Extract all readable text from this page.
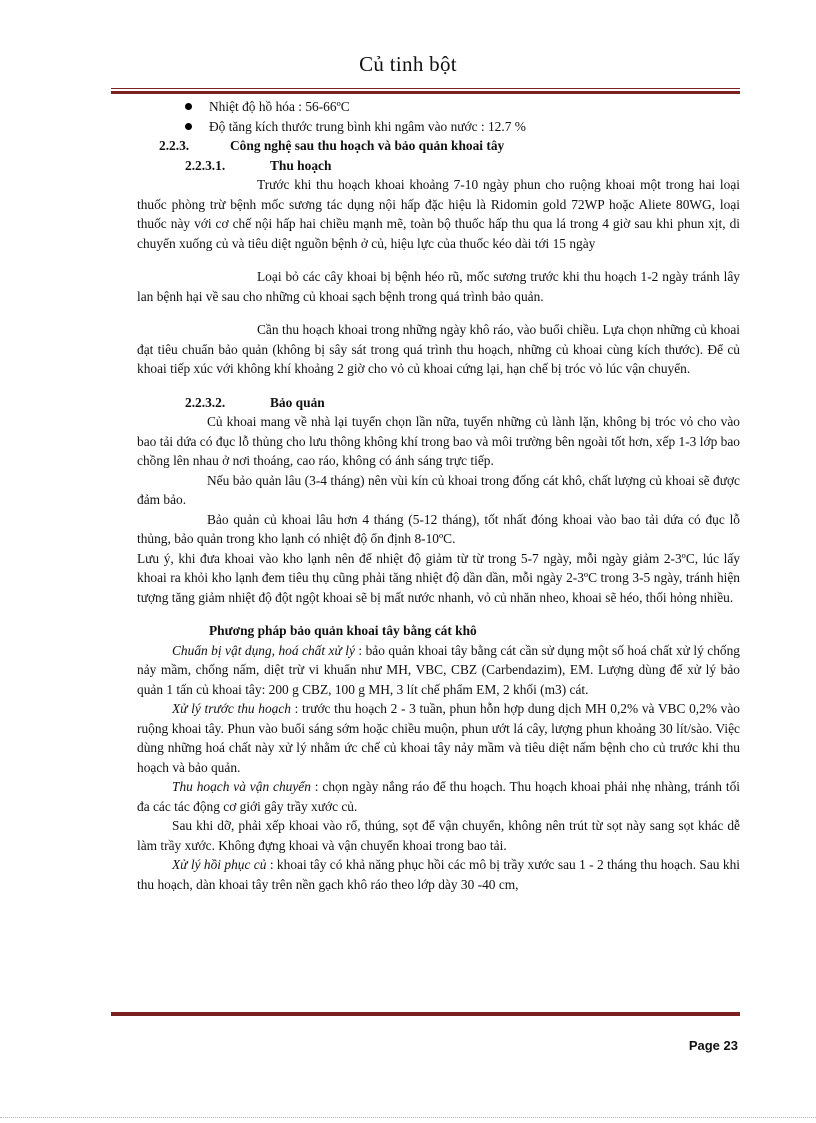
Củ tinh bột
Nhiệt độ hồ hóa : 56-66ºC
Độ tăng kích thước trung bình khi ngâm vào nước : 12.7 %

2.2.3.	Công nghệ sau thu hoạch và bảo quản khoai tây

2.2.3.1.	Thu hoạch

Trước khi thu hoạch khoai khoảng 7-10 ngày phun cho ruộng khoai một trong hai loại thuốc phòng trừ bệnh mốc sương tác dụng nội hấp đặc hiệu là Ridomin gold 72WP hoặc Aliete 80WG, loại thuốc này với cơ chế nội hấp hai chiều mạnh mẽ, toàn bộ thuốc hấp thu qua lá trong 4 giờ sau khi phun xịt, di chuyển xuống củ và tiêu diệt nguồn bệnh ở củ, hiệu lực của thuốc kéo dài tới 15 ngày

Loại bỏ các cây khoai bị bệnh héo rũ, mốc sương trước khi thu hoạch 1-2 ngày tránh lây lan bệnh hại về sau cho những củ khoai sạch bệnh trong quá trình bảo quản.

Cần thu hoạch khoai trong những ngày khô ráo, vào buổi chiều. Lựa chọn những củ khoai đạt tiêu chuẩn bảo quản (không bị sây sát trong quá trình thu hoạch, những củ khoai cùng kích thước). Để củ khoai tiếp xúc với không khí khoảng 2 giờ cho vỏ củ khoai cứng lại, hạn chế bị tróc vỏ lúc vận chuyển.

2.2.3.2.	Bảo quản

Củ khoai mang về nhà lại tuyển chọn lần nữa, tuyển những củ lành lặn, không bị tróc vỏ cho vào bao tải dứa có đục lỗ thủng cho lưu thông không khí trong bao và môi trường bên ngoài tốt hơn, xếp 1-3 lớp bao chồng lên nhau ở nơi thoáng, cao ráo, không có ánh sáng trực tiếp.

Nếu bảo quản lâu (3-4 tháng) nên vùi kín củ khoai trong đống cát khô, chất lượng củ khoai sẽ được đảm bảo.

Bảo quản củ khoai lâu hơn 4 tháng (5-12 tháng), tốt nhất đóng khoai vào bao tải dứa có đục lỗ thủng, bảo quản trong kho lạnh có nhiệt độ ổn định 8-10ºC.

Lưu ý, khi đưa khoai vào kho lạnh nên để nhiệt độ giảm từ từ trong 5-7 ngày, mỗi ngày giảm 2-3ºC, lúc lấy khoai ra khỏi kho lạnh đem tiêu thụ cũng phải tăng nhiệt độ dần dần, mỗi ngày 2-3ºC trong 3-5 ngày, tránh hiện tượng tăng giảm nhiệt độ đột ngột khoai sẽ bị mất nước nhanh, vỏ củ nhăn nheo, khoai sẽ héo, thối hỏng nhiều.

Phương pháp bảo quản khoai tây bằng cát khô

Chuẩn bị vật dụng, hoá chất xử lý : bảo quản khoai tây bằng cát cần sử dụng một số hoá chất xử lý chống nảy mầm, chống nấm, diệt trừ vi khuẩn như MH, VBC, CBZ (Carbendazim), EM. Lượng dùng để xử lý bảo quản 1 tấn củ khoai tây: 200 g CBZ, 100 g MH, 3 lít chế phẩm EM, 2 khối (m3) cát.

Xử lý trước thu hoạch : trước thu hoạch 2 - 3 tuần, phun hỗn hợp dung dịch MH 0,2% và VBC 0,2% vào ruộng khoai tây. Phun vào buổi sáng sớm hoặc chiều muộn, phun ướt lá cây, lượng phun khoảng 30 lít/sào. Việc dùng những hoá chất này xử lý nhằm ức chế củ khoai tây nảy mầm và tiêu diệt nấm bệnh cho củ trước khi thu hoạch và bảo quản.

Thu hoạch và vận chuyển : chọn ngày nắng ráo để thu hoạch. Thu hoạch khoai phải nhẹ nhàng, tránh tối đa các tác động cơ giới gây trầy xước củ.

Sau khi dỡ, phải xếp khoai vào rổ, thúng, sọt để vận chuyển, không nên trút từ sọt này sang sọt khác dễ làm trầy xước. Không đựng khoai và vận chuyển khoai trong bao tải.

Xử lý hồi phục củ : khoai tây có khả năng phục hồi các mô bị trầy xước sau 1 - 2 tháng thu hoạch. Sau khi thu hoạch, dàn khoai tây trên nền gạch khô ráo theo lớp dày 30 -40 cm,

Page 23
